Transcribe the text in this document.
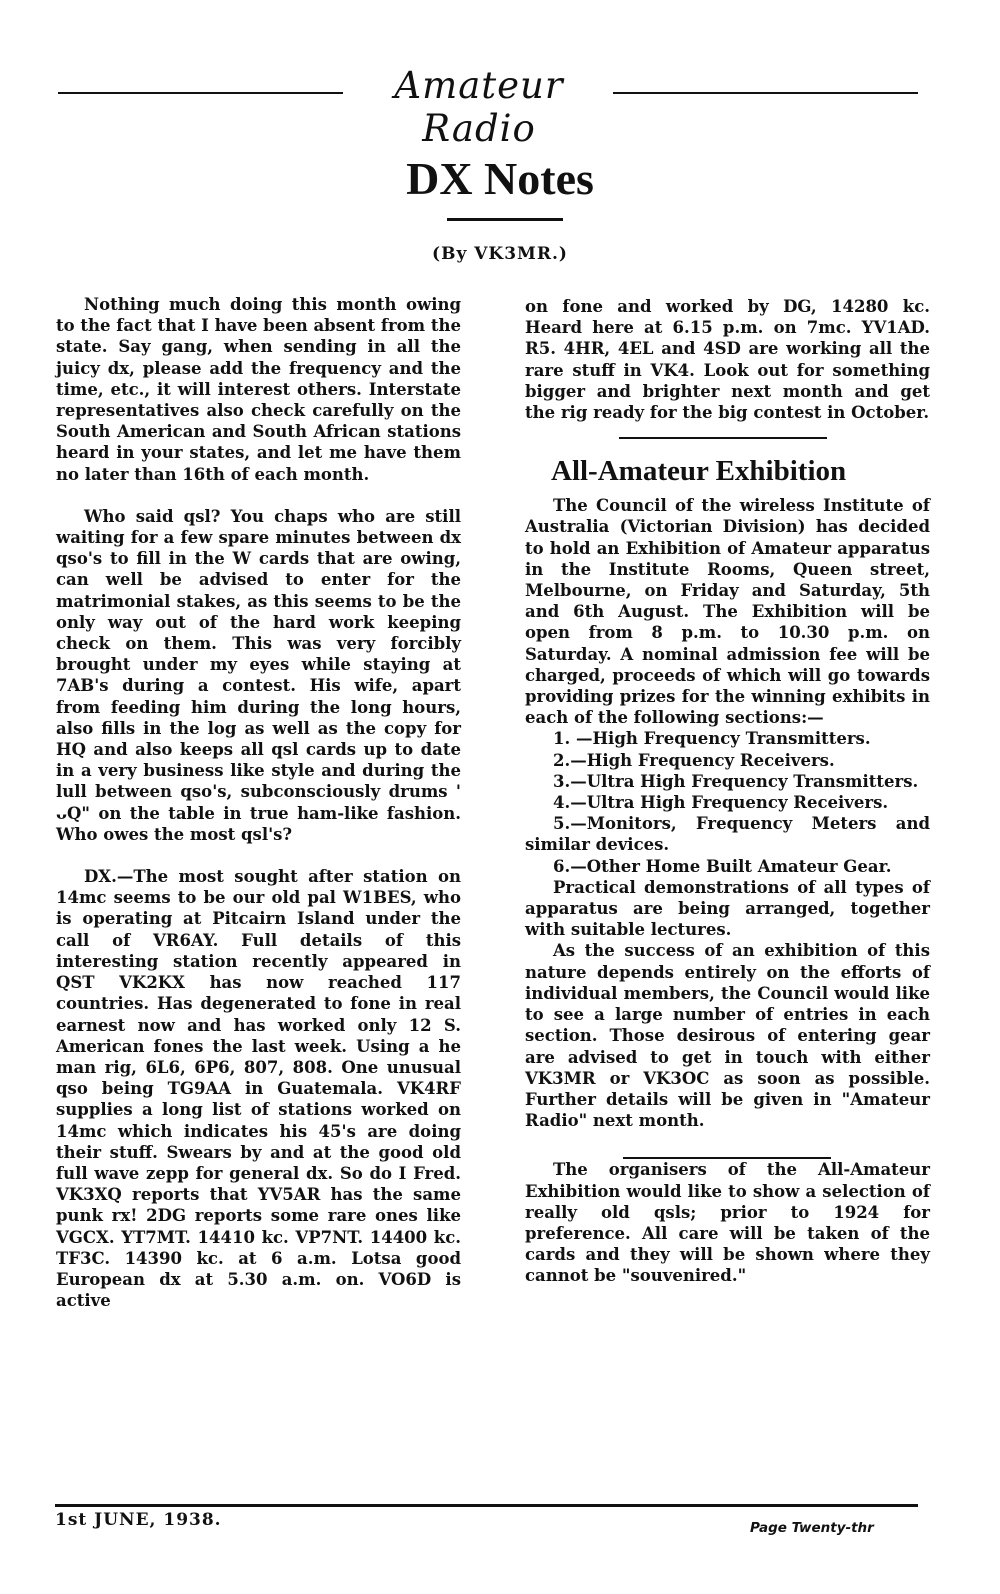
Amateur Radio
DX Notes
(By VK3MR.)

Nothing much doing this month owing to the fact that I have been absent from the state. Say gang, when sending in all the juicy dx, please add the frequency and the time, etc., it will interest others. Interstate representatives also check carefully on the South American and South African stations heard in your states, and let me have them no later than 16th of each month.

Who said qsl? You chaps who are still waiting for a few spare minutes between dx qso's to fill in the W cards that are owing, can well be advised to enter for the matrimonial stakes, as this seems to be the only way out of the hard work keeping check on them. This was very forcibly brought under my eyes while staying at 7AB's during a contest. His wife, apart from feeding him during the long hours, also fills in the log as well as the copy for HQ and also keeps all qsl cards up to date in a very business like style and during the lull between qso's, subconsciously drums ' ᴗQ" on the table in true ham-like fashion. Who owes the most qsl's?

DX.—The most sought after station on 14mc seems to be our old pal W1BES, who is operating at Pitcairn Island under the call of VR6AY. Full details of this interesting station recently appeared in QST VK2KX has now reached 117 countries. Has degenerated to fone in real earnest now and has worked only 12 S. American fones the last week. Using a he man rig, 6L6, 6P6, 807, 808. One unusual qso being TG9AA in Guatemala. VK4RF supplies a long list of stations worked on 14mc which indicates his 45's are doing their stuff. Swears by and at the good old full wave zepp for general dx. So do I Fred. VK3XQ reports that YV5AR has the same punk rx! 2DG reports some rare ones like VGCX. YT7MT. 14410 kc. VP7NT. 14400 kc. TF3C. 14390 kc. at 6 a.m. Lotsa good European dx at 5.30 a.m. on. VO6D is active

on fone and worked by DG, 14280 kc. Heard here at 6.15 p.m. on 7mc. YV1AD. R5. 4HR, 4EL and 4SD are working all the rare stuff in VK4. Look out for something bigger and brighter next month and get the rig ready for the big contest in October.

All-Amateur Exhibition

The Council of the wireless Institute of Australia (Victorian Division) has decided to hold an Exhibition of Amateur apparatus in the Institute Rooms, Queen street, Melbourne, on Friday and Saturday, 5th and 6th August. The Exhibition will be open from 8 p.m. to 10.30 p.m. on Saturday. A nominal admission fee will be charged, proceeds of which will go towards providing prizes for the winning exhibits in each of the following sections:—

1. —High Frequency Transmitters.

2.—High Frequency Receivers.

3.—Ultra High Frequency Transmitters.

4.—Ultra High Frequency Receivers.

5.—Monitors, Frequency Meters and similar devices.

6.—Other Home Built Amateur Gear.

Practical demonstrations of all types of apparatus are being arranged, together with suitable lectures.

As the success of an exhibition of this nature depends entirely on the efforts of individual members, the Council would like to see a large number of entries in each section. Those desirous of entering gear are advised to get in touch with either VK3MR or VK3OC as soon as possible. Further details will be given in "Amateur Radio" next month.

The organisers of the All-Amateur Exhibition would like to show a selection of really old qsls; prior to 1924 for preference. All care will be taken of the cards and they will be shown where they cannot be "souvenired."

1st JUNE, 1938.	Page Twenty-thr
